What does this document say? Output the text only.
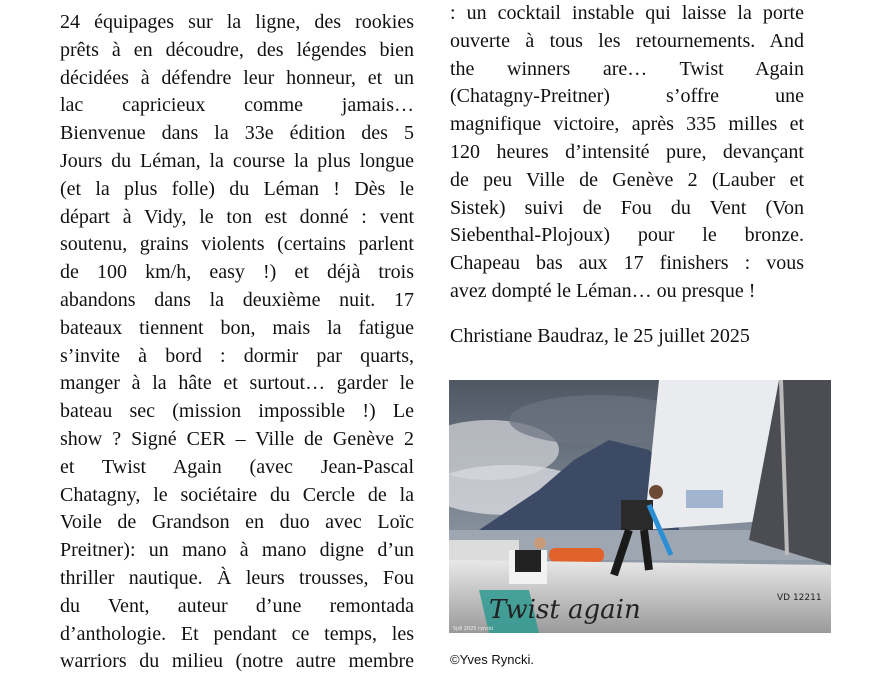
24 équipages sur la ligne, des rookies
prêts à en découdre, des légendes bien
décidées à défendre leur honneur, et un
lac capricieux comme jamais…
Bienvenue dans la 33e édition des 5
Jours du Léman, la course la plus longue
(et la plus folle) du Léman ! Dès le
départ à Vidy, le ton est donné : vent
soutenu, grains violents (certains parlent
de 100 km/h, easy !) et déjà trois
abandons dans la deuxième nuit. 17
bateaux tiennent bon, mais la fatigue
s’invite à bord : dormir par quarts,
manger à la hâte et surtout… garder le
bateau sec (mission impossible !) Le
show ? Signé CER – Ville de Genève 2
et Twist Again (avec Jean-Pascal
Chatagny, le sociétaire du Cercle de la
Voile de Grandson en duo avec Loïc
Preitner): un mano à mano digne d’un
thriller nautique. À leurs trousses, Fou
du Vent, auteur d’une remontada
d’anthologie. Et pendant ce temps, les
warriors du milieu (notre autre membre
: un cocktail instable qui laisse la porte
ouverte à tous les retournements. And
the winners are… Twist Again
(Chatagny-Preitner) s’offre une
magnifique victoire, après 335 milles et
120 heures d’intensité pure, devançant
de peu Ville de Genève 2 (Lauber et
Sistek) suivi de Fou du Vent (Von
Siebenthal-Plojoux) pour le bronze.
Chapeau bas aux 17 finishers : vous
avez dompté le Léman… ou presque !
Christiane Baudraz, le 25 juillet 2025
Twist again	VD 12211
5jdl 2025 ryncki
©Yves Ryncki.
